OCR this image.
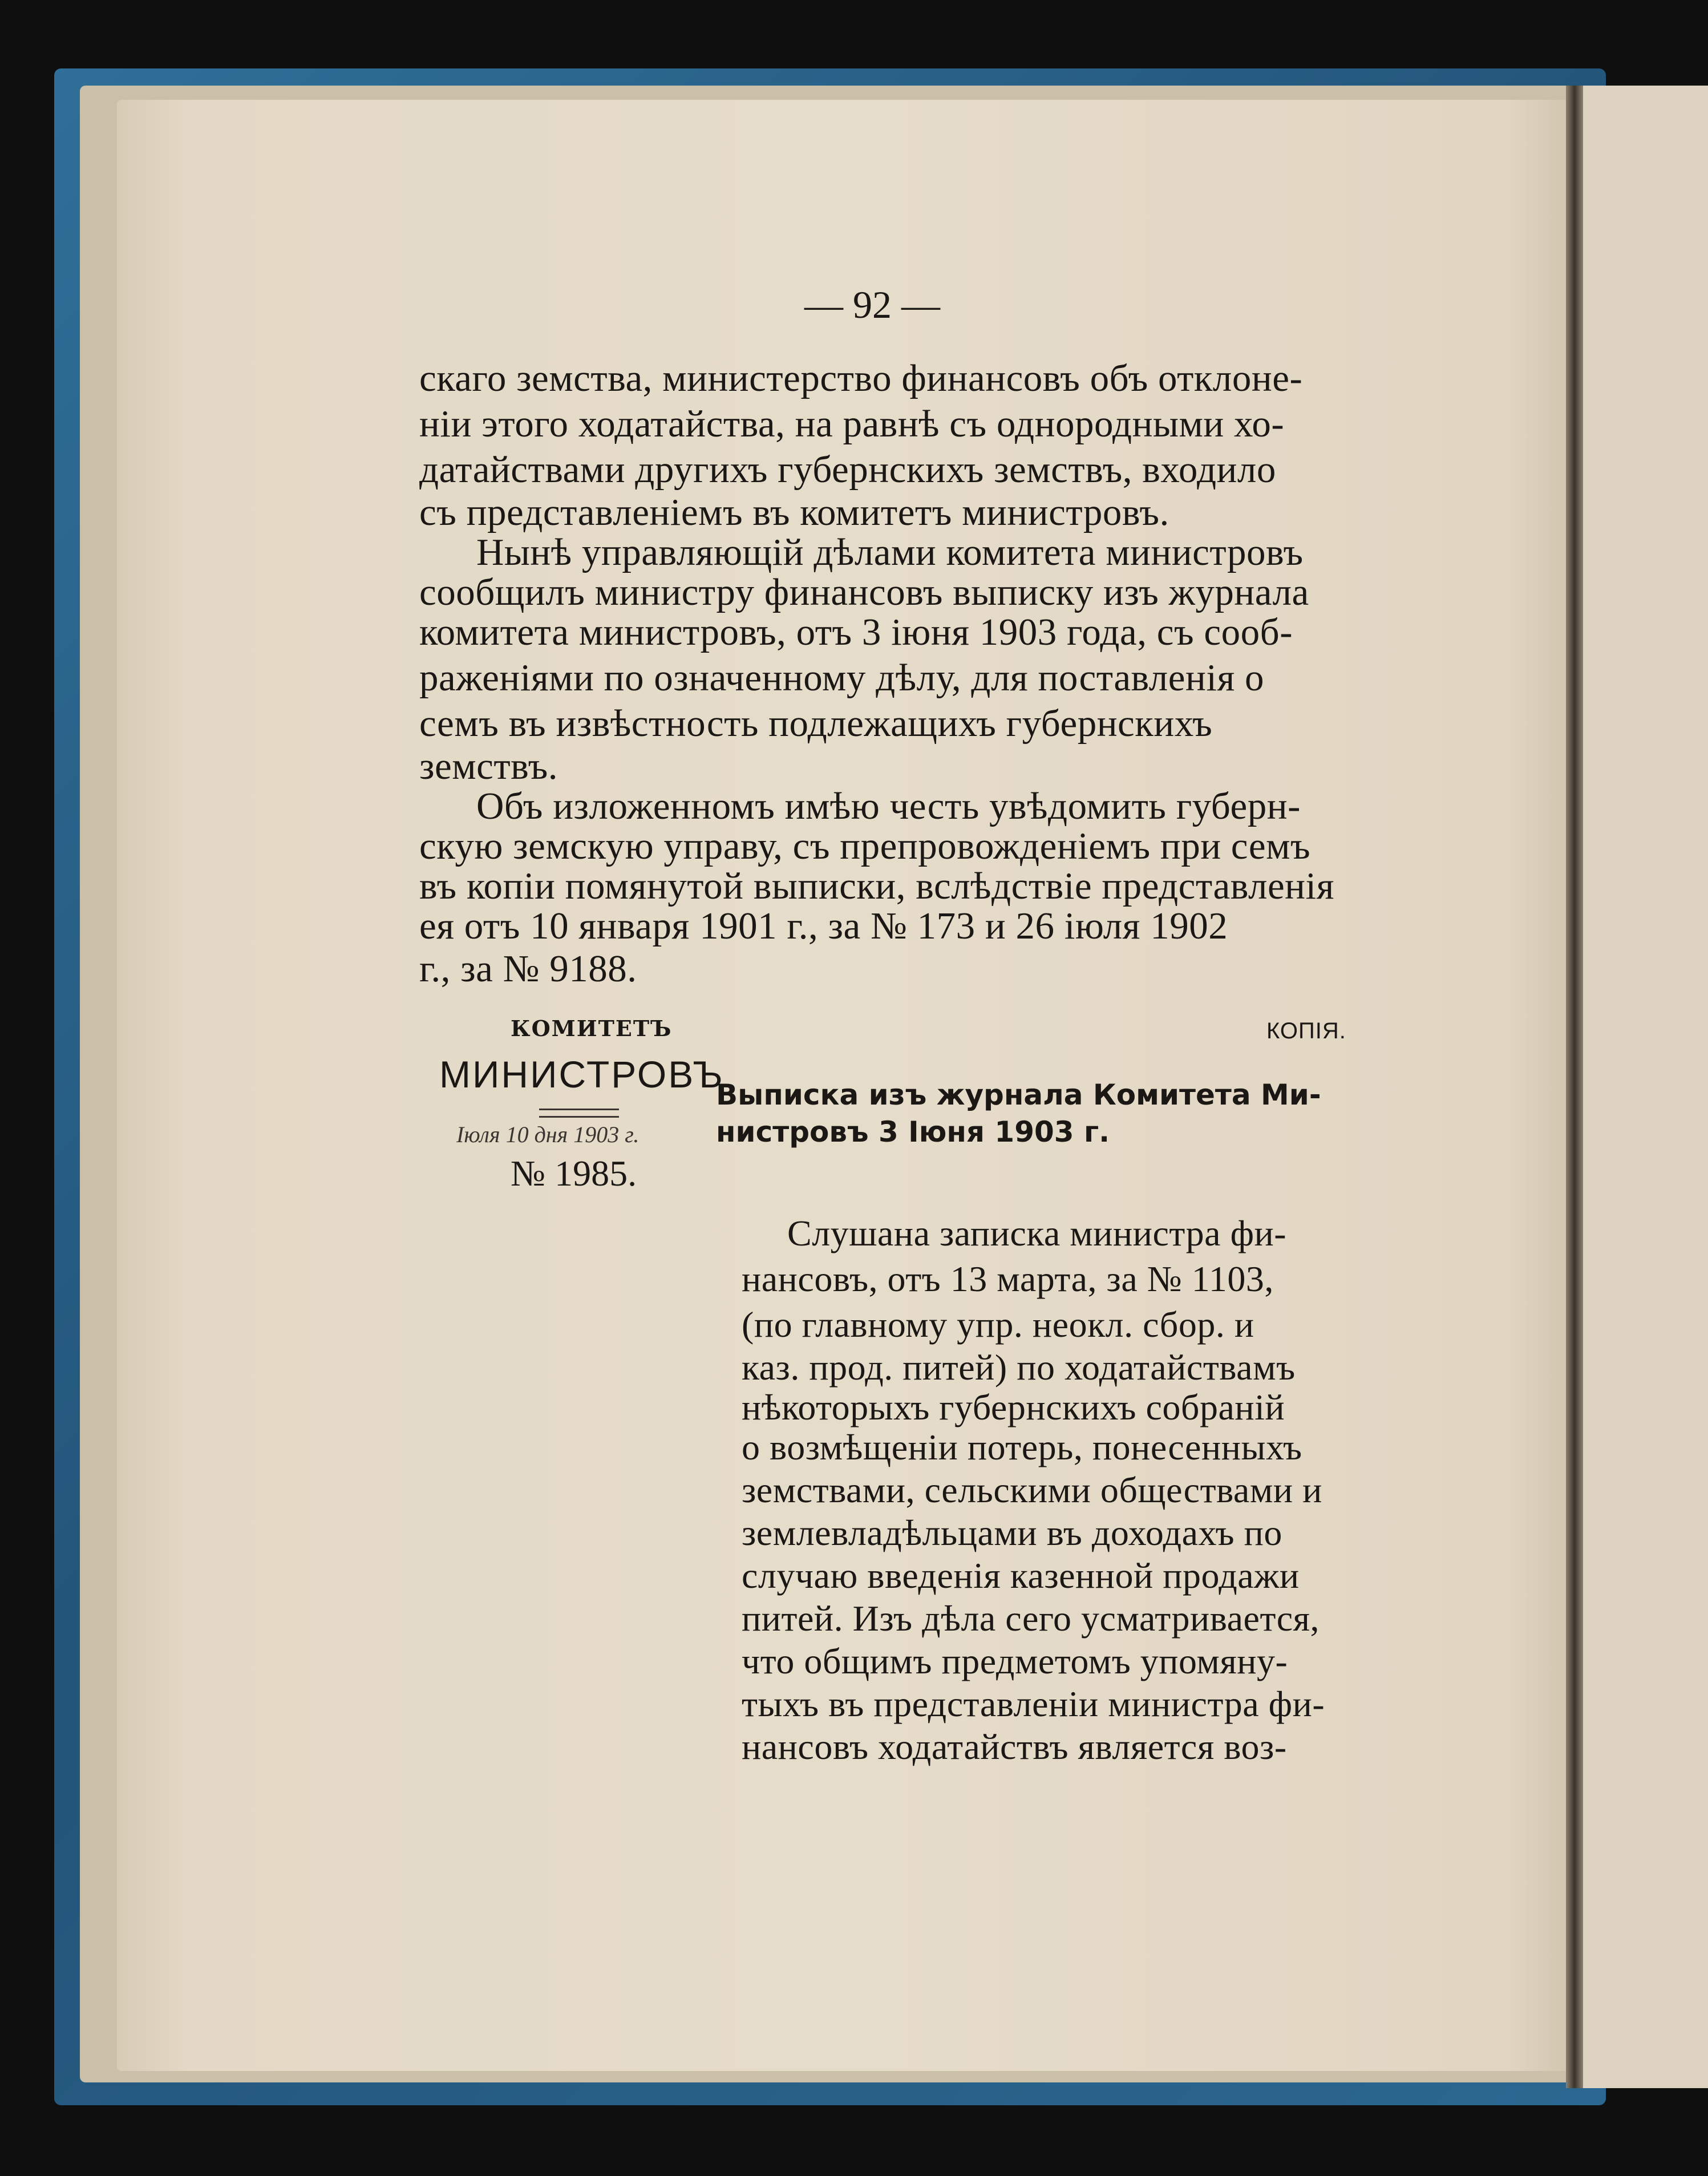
— 92 —
скаго земства, министерство финансовъ объ отклоне-
ніи этого ходатайства, на равнѣ съ однородными хо-
датайствами другихъ губернскихъ земствъ, входило
съ представленіемъ въ комитетъ министровъ.
Нынѣ управляющій дѣлами комитета министровъ
сообщилъ министру финансовъ выписку изъ журнала
комитета министровъ, отъ 3 іюня 1903 года, съ сооб-
раженіями по означенному дѣлу, для поставленія о
семъ въ извѣстность подлежащихъ губернскихъ
земствъ.
Объ изложенномъ имѣю честь увѣдомить губерн-
скую земскую управу, съ препровожденіемъ при семъ
въ копіи помянутой выписки, вслѣдствіе представленія
ея отъ 10 января 1901 г., за № 173 и 26 іюля 1902
г., за № 9188.
КОМИТЕТЪ
МИНИСТРОВЪ
Іюля 10 дня 1903 г.
№ 1985.
КОПІЯ.
Выписка изъ журнала Комитета Ми-
нистровъ 3 Іюня 1903 г.
Слушана записка министра фи-
нансовъ, отъ 13 марта, за № 1103,
(по главному упр. неокл. сбор. и
каз. прод. питей) по ходатайствамъ
нѣкоторыхъ губернскихъ собраній
о возмѣщеніи потерь, понесенныхъ
земствами, сельскими обществами и
землевладѣльцами въ доходахъ по
случаю введенія казенной продажи
питей. Изъ дѣла сего усматривается,
что общимъ предметомъ упомяну-
тыхъ въ представленіи министра фи-
нансовъ ходатайствъ является воз-
